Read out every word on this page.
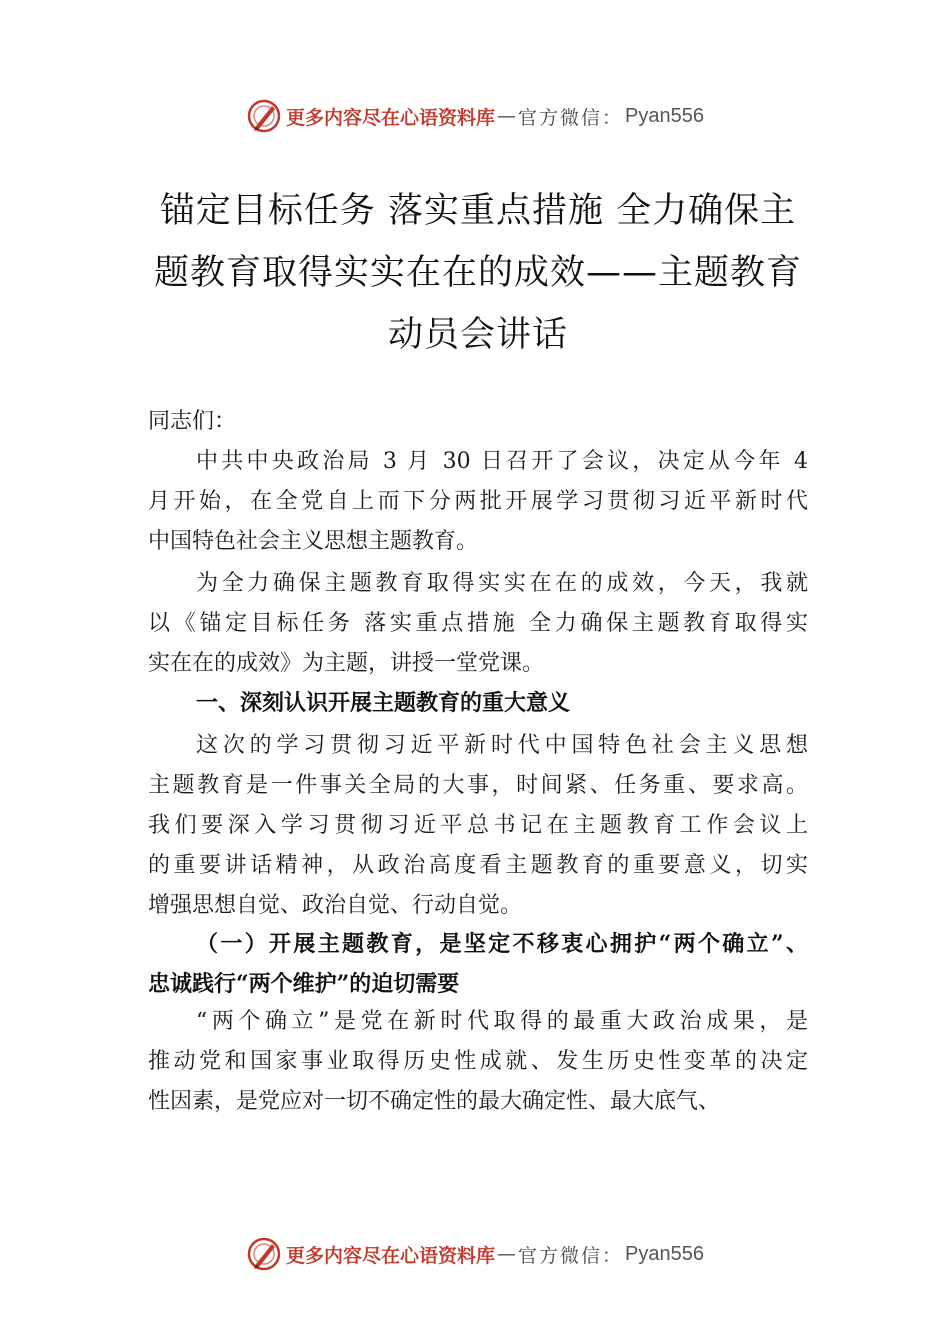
更多内容尽在心语资料库 — 官方微信： Pyan556
锚定目标任务 落实重点措施 全力确保主
题教育取得实实在在的成效——主题教育
动员会讲话
同志们：
中共中央政治局 3 月 30 日召开了会议，决定从今年 4
月开始，在全党自上而下分两批开展学习贯彻习近平新时代
中国特色社会主义思想主题教育。
为全力确保主题教育取得实实在在的成效，今天，我就
以《锚定目标任务 落实重点措施 全力确保主题教育取得实
实在在的成效》为主题，讲授一堂党课。
一、深刻认识开展主题教育的重大意义
这次的学习贯彻习近平新时代中国特色社会主义思想
主题教育是一件事关全局的大事，时间紧、任务重、要求高。
我们要深入学习贯彻习近平总书记在主题教育工作会议上
的重要讲话精神，从政治高度看主题教育的重要意义，切实
增强思想自觉、政治自觉、行动自觉。
（一）开展主题教育，是坚定不移衷心拥护“两个确立”、
忠诚践行“两个维护”的迫切需要
“两个确立”是党在新时代取得的最重大政治成果，是
推动党和国家事业取得历史性成就、发生历史性变革的决定
性因素，是党应对一切不确定性的最大确定性、最大底气、
更多内容尽在心语资料库 — 官方微信： Pyan556
